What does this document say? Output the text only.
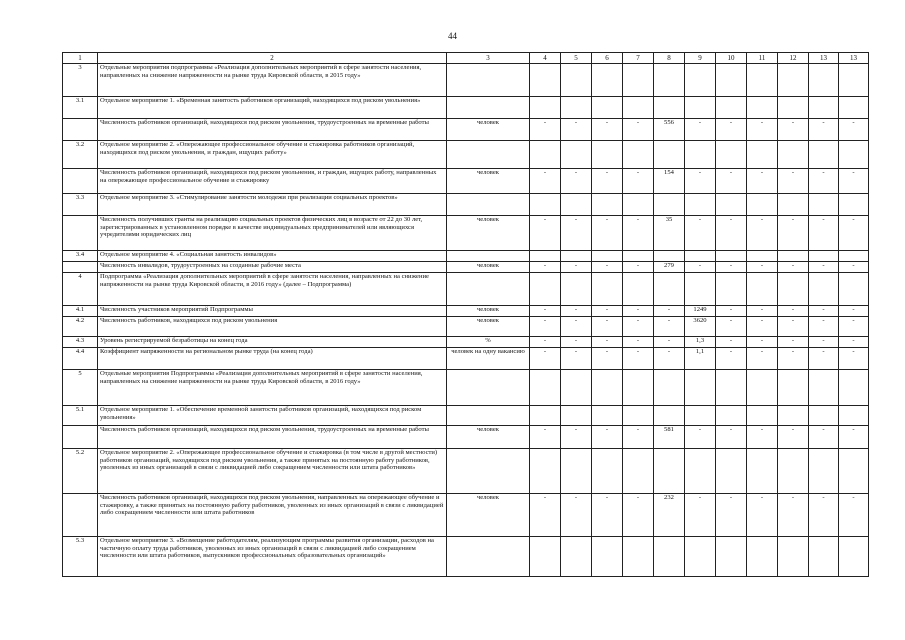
44
1	2	3	4	5	6	7	8	9	10	11	12	13	13
3	Отдельные мероприятия подпрограммы «Реализация дополнительных мероприятий в сфере занятости населения, направленных на снижение напряженности на рынке труда Кировской области, в 2015 году»												
3.1	Отдельное мероприятие 1. «Временная занятость работников организаций, находящихся под риском увольнения»												
	Численность работников организаций, находящихся под риском увольнения, трудоустроенных на временные работы	человек	-	-	-	-	556	-	-	-	-	-	-
3.2	Отдельное мероприятие 2. «Опережающее профессиональное обучение и стажировка работников организаций, находящихся под риском увольнения, и граждан, ищущих работу»												
	Численность работников организаций, находящихся под риском увольнения, и граждан, ищущих работу, направленных на опережающее профессиональное обучение и стажировку	человек	-	-	-	-	154	-	-	-	-	-	-
3.3	Отдельное мероприятие 3. «Стимулирование занятости молодежи при реализации социальных проектов»												
	Численность получивших гранты на реализацию социальных проектов физических лиц в возрасте от 22 до 30 лет, зарегистрированных в установленном порядке в качестве индивидуальных предпринимателей или являющихся учредителями юридических лиц	человек	-	-	-	-	35	-	-	-	-	-	-
3.4	Отдельное мероприятие 4. «Социальная занятость инвалидов»												
	Численность инвалидов, трудоустроенных на созданные рабочие места	человек	-	-	-	-	279	-	-	-	-	-	-
4	Подпрограмма «Реализация дополнительных мероприятий в сфере занятости населения, направленных на снижение напряженности на рынке труда Кировской области, в 2016 году» (далее – Подпрограмма)												
4.1	Численность участников мероприятий Подпрограммы	человек	-	-	-	-	-	1249	-	-	-	-	-
4.2	Численность работников, находящихся под риском увольнения	человек	-	-	-	-	-	3620	-	-	-	-	-
4.3	Уровень регистрируемой безработицы на конец года	%	-	-	-	-	-	1,3	-	-	-	-	-
4.4	Коэффициент напряженности на региональном рынке труда (на конец года)	человек на одну вакансию	-	-	-	-	-	1,1	-	-	-	-	-
5	Отдельные мероприятия Подпрограммы «Реализация дополнительных мероприятий в сфере занятости населения, направленных на снижение напряженности на рынке труда Кировской области, в 2016 году»												
5.1	Отдельное мероприятие 1. «Обеспечение временной занятости работников организаций, находящихся под риском увольнения»												
	Численность работников организаций, находящихся под риском увольнения, трудоустроенных на временные работы	человек	-	-	-	-	581	-	-	-	-	-	-
5.2	Отдельное мероприятие 2. «Опережающее профессиональное обучение и стажировка (в том числе в другой местности) работников организаций, находящихся под риском увольнения, а также принятых на постоянную работу работников, уволенных из иных организаций в связи с ликвидацией либо сокращением численности или штата работников»												
	Численность работников организаций, находящихся под риском увольнения, направленных на опережающее обучение и стажировку, а также принятых на постоянную работу работников, уволенных из иных организаций в связи с ликвидацией либо сокращением численности или штата работников	человек	-	-	-	-	232	-	-	-	-	-	-
5.3	Отдельное мероприятие 3. «Возмещение работодателям, реализующим программы развития организации, расходов на частичную оплату труда работников, уволенных из иных организаций в связи с ликвидацией либо сокращением численности или штата работников, выпускников профессиональных образовательных организаций»												
